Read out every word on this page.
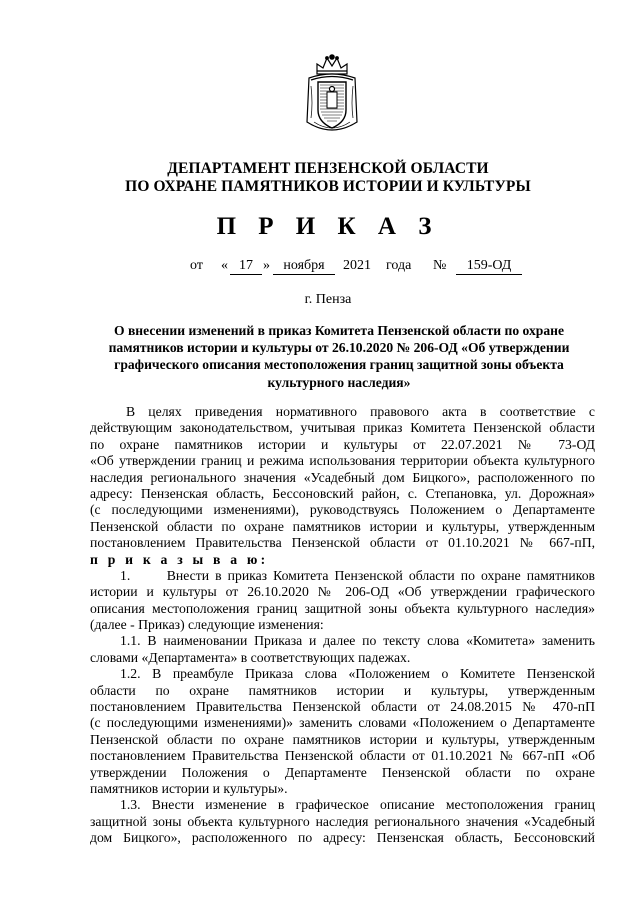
ДЕПАРТАМЕНТ ПЕНЗЕНСКОЙ ОБЛАСТИ
ПО ОХРАНЕ ПАМЯТНИКОВ ИСТОРИИ И КУЛЬТУРЫ
П Р И К А З
от « 17 » ноября	2021 года №	159-ОД
г. Пенза
О внесении изменений в приказ Комитета Пензенской области по охране
памятников истории и культуры от 26.10.2020 № 206-ОД «Об утверждении
графического описания местоположения границ защитной зоны объекта
культурного наследия»
В целях приведения нормативного правового акта в соответствие с
действующим законодательством, учитывая приказ Комитета Пензенской области
по охране памятников истории и культуры от 22.07.2021 № 73-ОД
«Об утверждении границ и режима использования территории объекта культурного
наследия регионального значения «Усадебный дом Бицкого», расположенного по
адресу: Пензенская область, Бессоновский район, с. Степановка, ул. Дорожная»
(с последующими изменениями), руководствуясь Положением о Департаменте
Пензенской области по охране памятников истории и культуры, утвержденным
постановлением Правительства Пензенской области от 01.10.2021 № 667-пП,
п р и к а з ы в а ю:
1.      Внести в приказ Комитета Пензенской области по охране памятников
истории и культуры от 26.10.2020 № 206-ОД «Об утверждении графического
описания местоположения границ защитной зоны объекта культурного наследия»
(далее - Приказ) следующие изменения:
1.1. В наименовании Приказа и далее по тексту слова «Комитета» заменить
словами «Департамента» в соответствующих падежах.
1.2. В преамбуле Приказа слова «Положением о Комитете Пензенской
области по охране памятников истории и культуры, утвержденным
постановлением Правительства Пензенской области от 24.08.2015 № 470-пП
(с последующими изменениями)» заменить словами «Положением о Департаменте
Пензенской области по охране памятников истории и культуры, утвержденным
постановлением Правительства Пензенской области от 01.10.2021 № 667-пП «Об
утверждении Положения о Департаменте Пензенской области по охране
памятников истории и культуры».
1.3. Внести изменение в графическое описание местоположения границ
защитной зоны объекта культурного наследия регионального значения «Усадебный
дом Бицкого», расположенного по адресу: Пензенская область, Бессоновский
